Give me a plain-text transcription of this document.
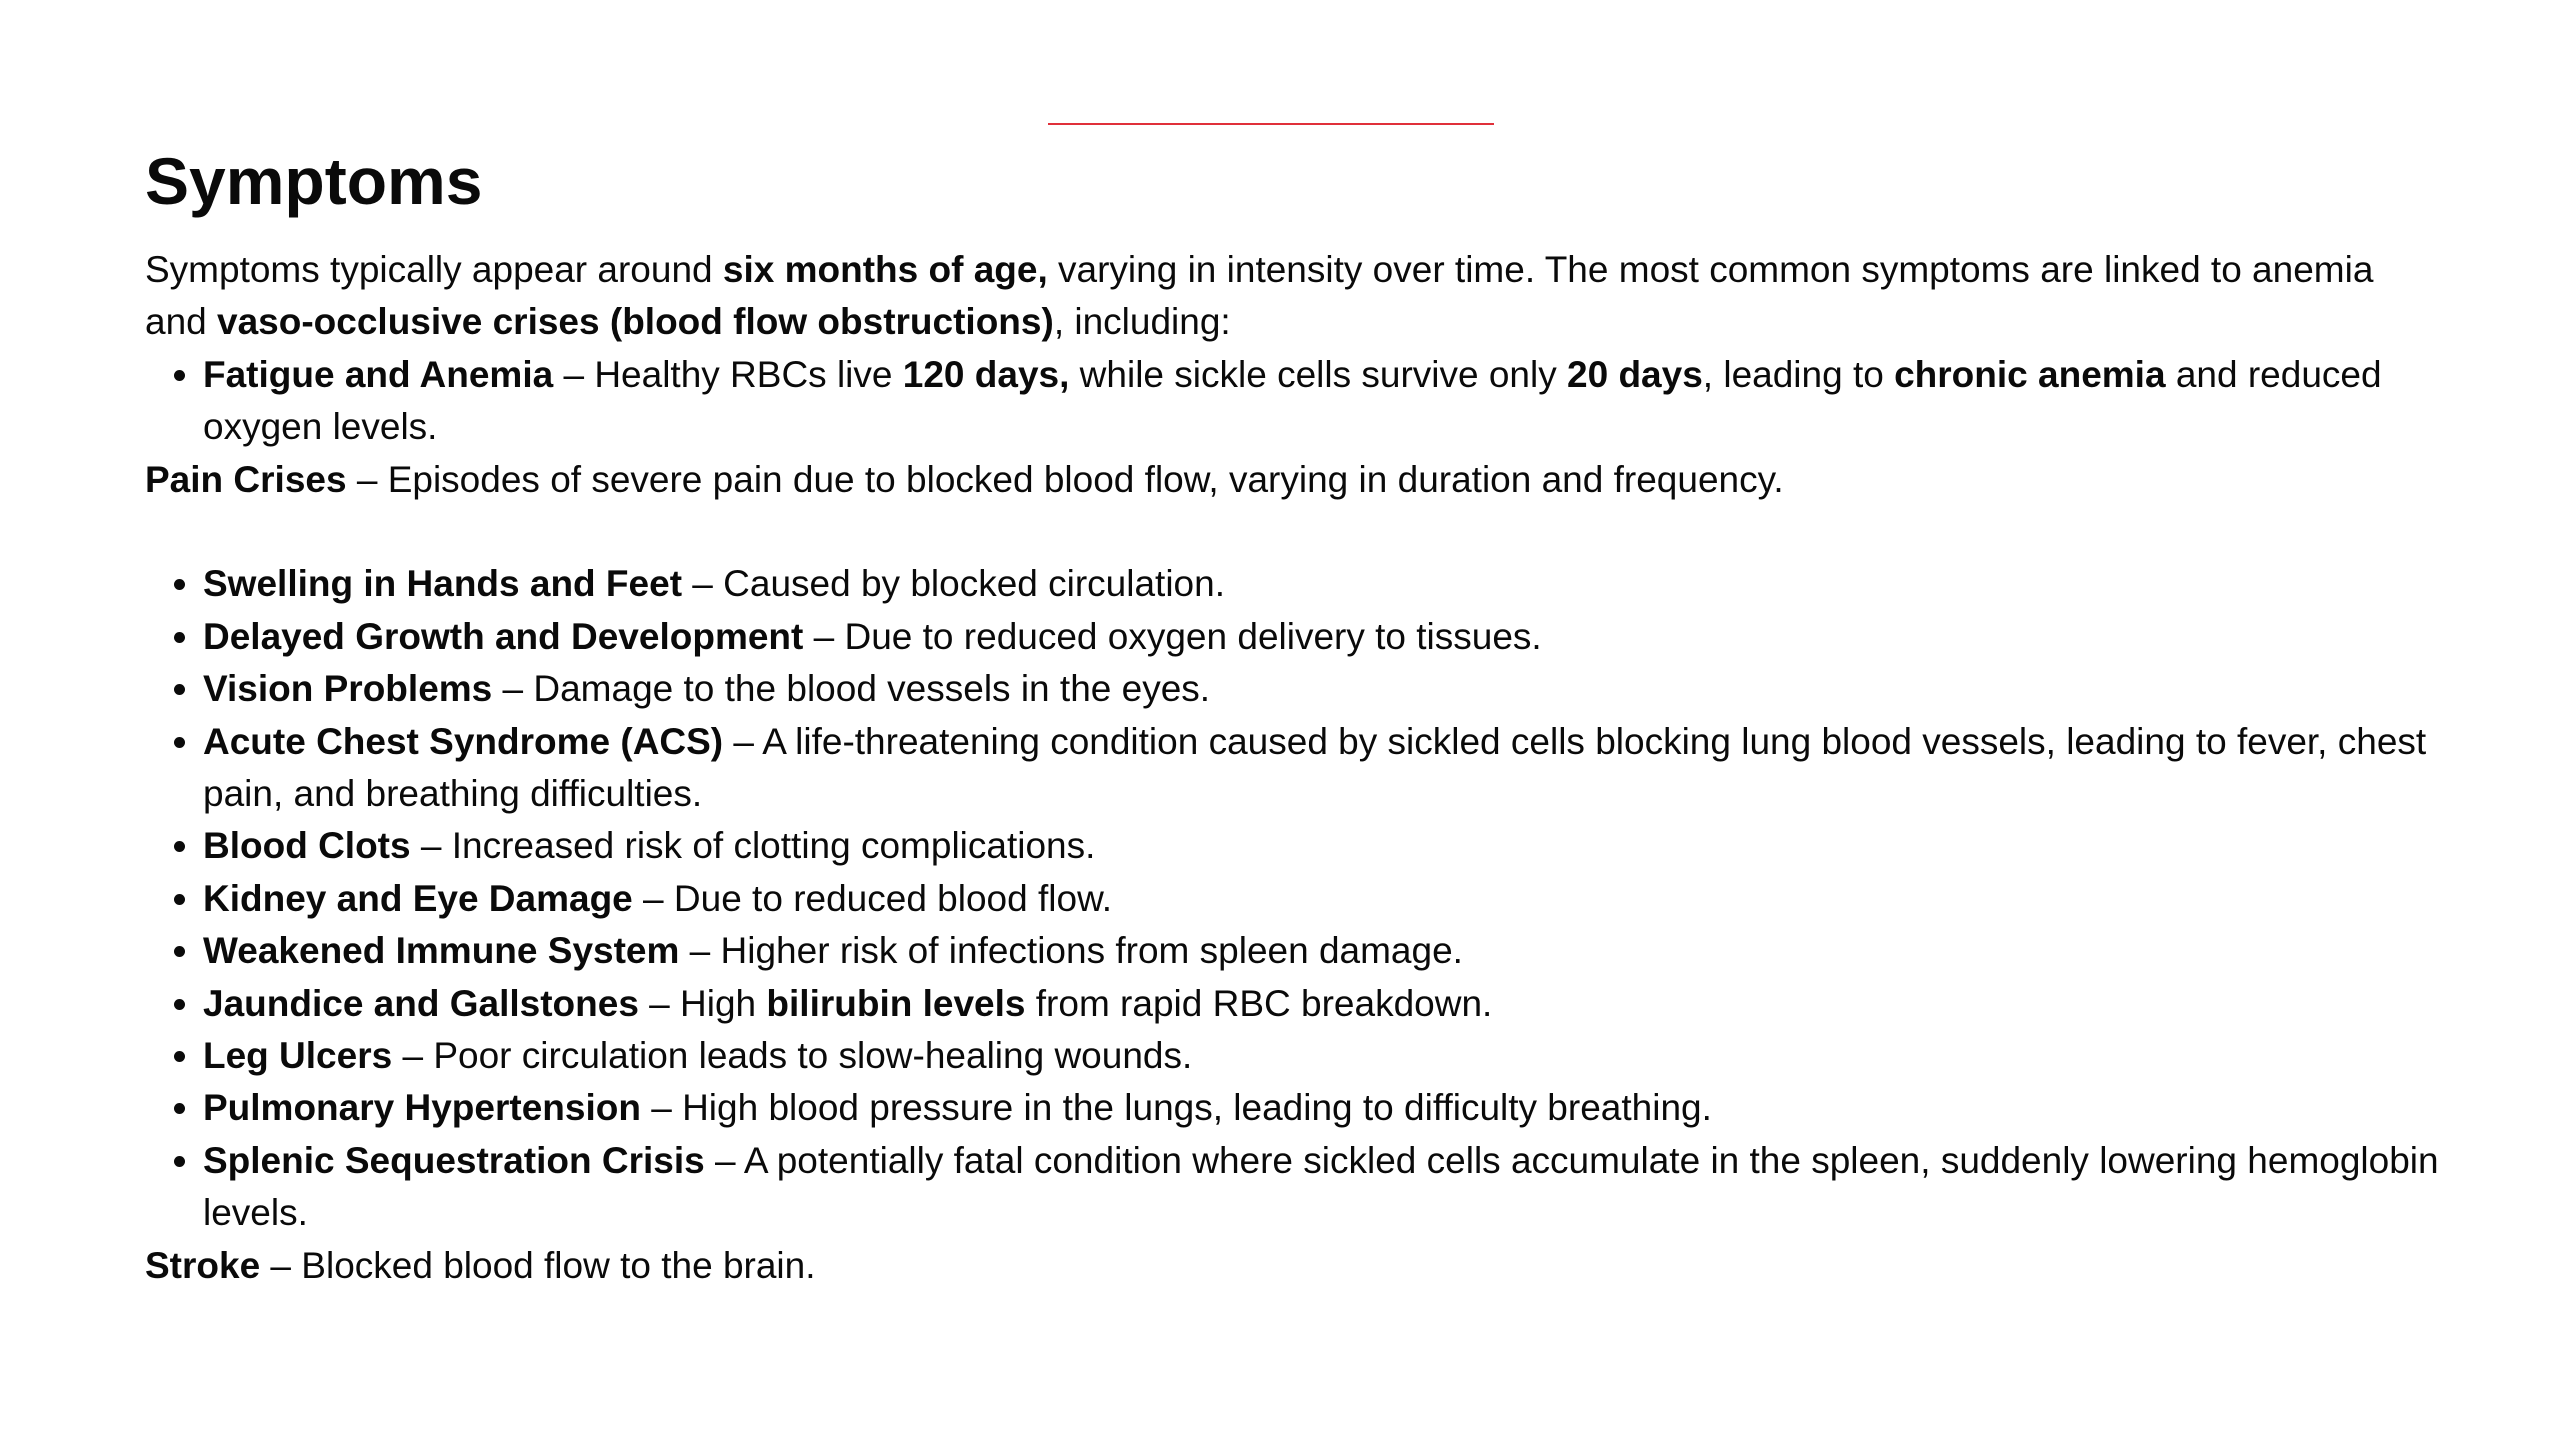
Symptoms

Symptoms typically appear around six months of age, varying in intensity over time. The most common symptoms are linked to anemia and vaso-occlusive crises (blood flow obstructions), including:

• Fatigue and Anemia – Healthy RBCs live 120 days, while sickle cells survive only 20 days, leading to chronic anemia and reduced oxygen levels.

Pain Crises – Episodes of severe pain due to blocked blood flow, varying in duration and frequency.

• Swelling in Hands and Feet – Caused by blocked circulation.
• Delayed Growth and Development – Due to reduced oxygen delivery to tissues.
• Vision Problems – Damage to the blood vessels in the eyes.
• Acute Chest Syndrome (ACS) – A life-threatening condition caused by sickled cells blocking lung blood vessels, leading to fever, chest pain, and breathing difficulties.
• Blood Clots – Increased risk of clotting complications.
• Kidney and Eye Damage – Due to reduced blood flow.
• Weakened Immune System – Higher risk of infections from spleen damage.
• Jaundice and Gallstones – High bilirubin levels from rapid RBC breakdown.
• Leg Ulcers – Poor circulation leads to slow-healing wounds.
• Pulmonary Hypertension – High blood pressure in the lungs, leading to difficulty breathing.
• Splenic Sequestration Crisis – A potentially fatal condition where sickled cells accumulate in the spleen, suddenly lowering hemoglobin levels.

Stroke – Blocked blood flow to the brain.
